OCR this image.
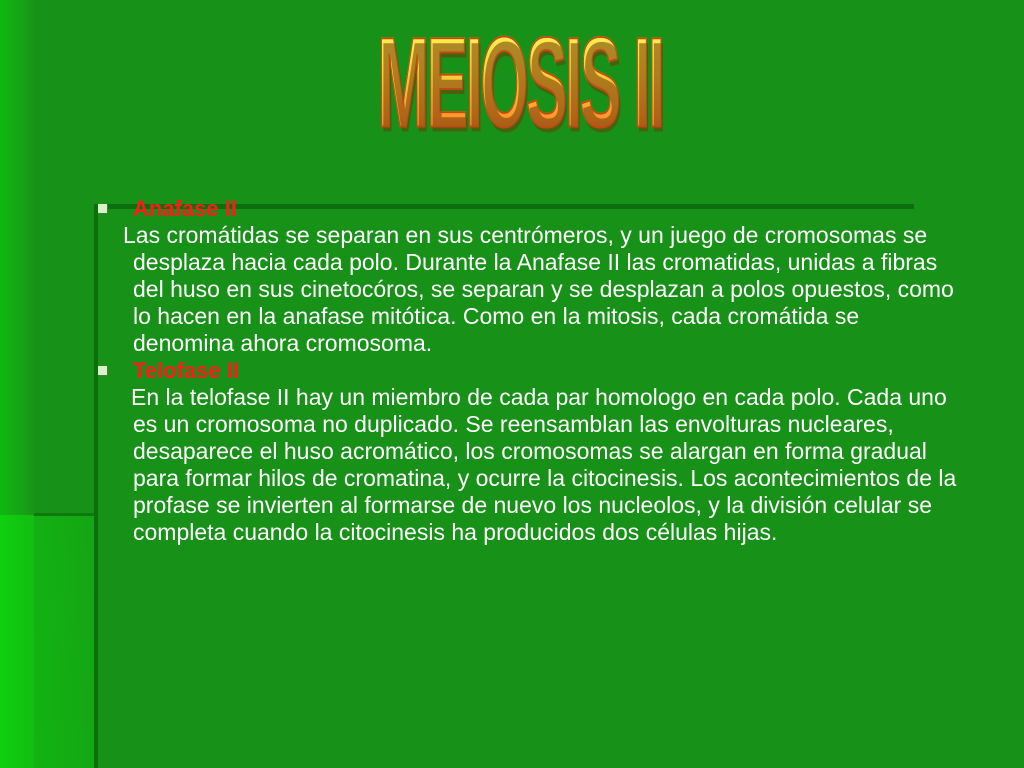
MEIOSIS II
Anafase II

Las cromátidas se separan en sus centrómeros, y un juego de cromosomas se desplaza hacia cada polo. Durante la Anafase II las cromatidas, unidas a fibras del huso en sus cinetocóros, se separan y se desplazan a polos opuestos, como lo hacen en la anafase mitótica. Como en la mitosis, cada cromátida se denomina ahora cromosoma.

Telofase II

En la telofase II hay un miembro de cada par homologo en cada polo. Cada uno es un cromosoma no duplicado. Se reensamblan las envolturas nucleares, desaparece el huso acromático, los cromosomas se alargan en forma gradual para formar hilos de cromatina, y ocurre la citocinesis. Los acontecimientos de la profase se invierten al formarse de nuevo los nucleolos, y la división celular se completa cuando la citocinesis ha producidos dos células hijas.
